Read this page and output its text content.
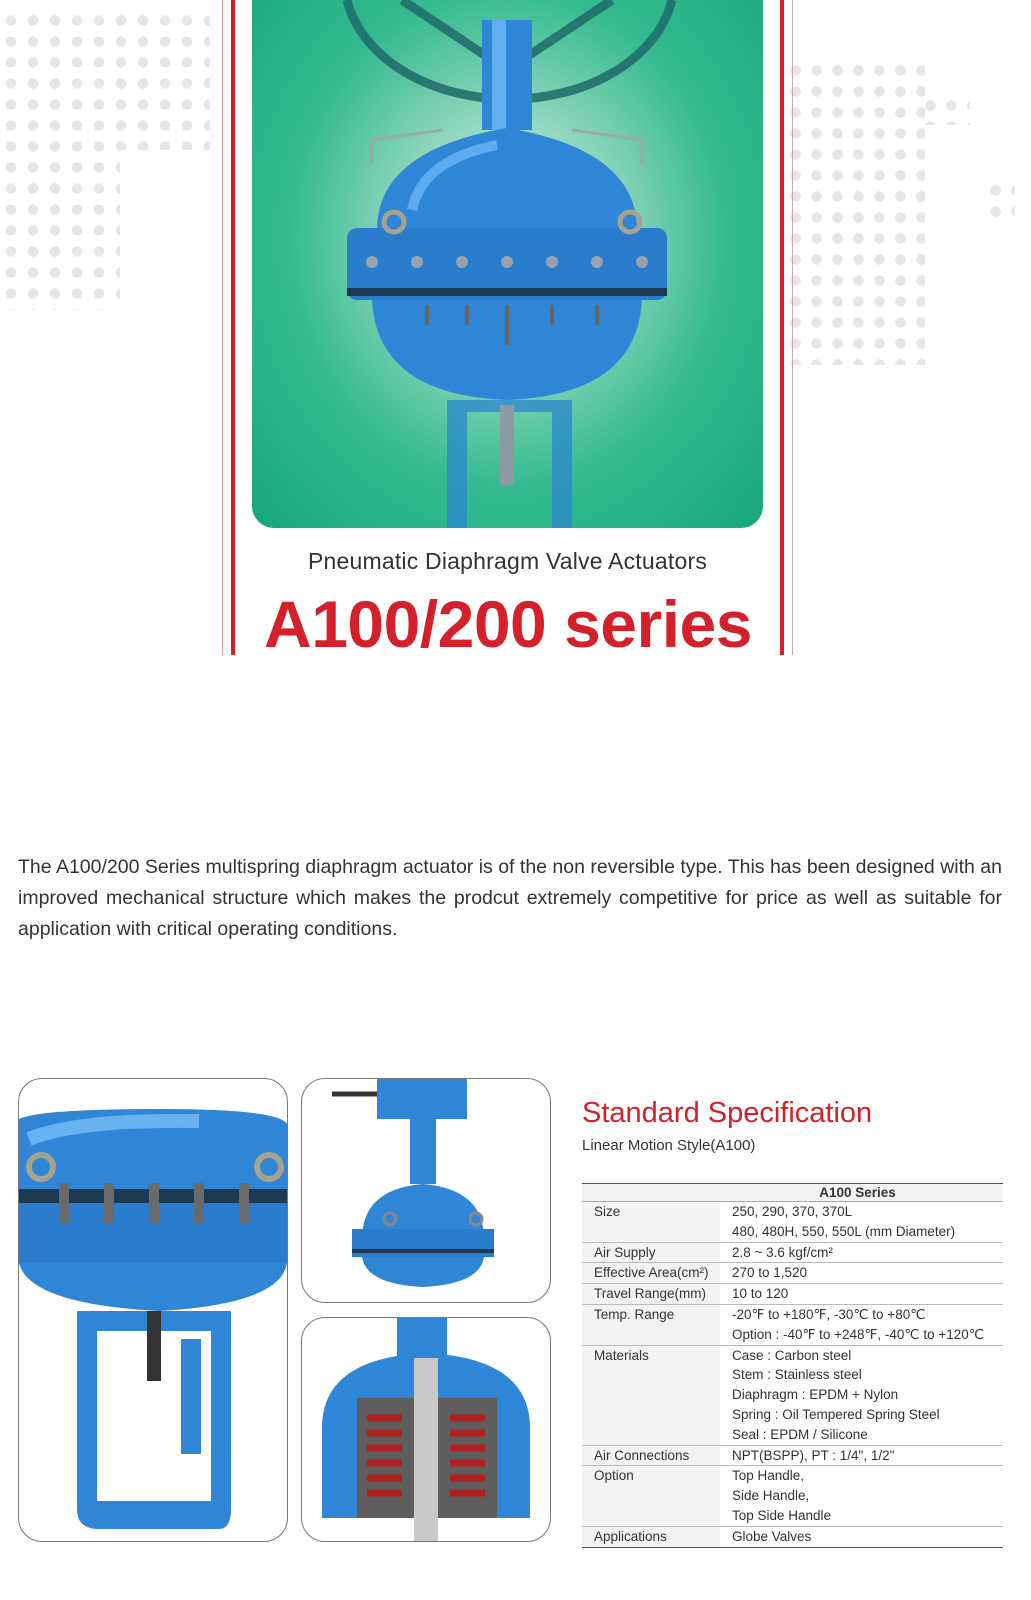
Pneumatic Diaphragm Valve Actuators
A100/200 series
The A100/200 Series multispring diaphragm actuator is of the non reversible type. This has been designed with an improved mechanical structure which makes the prodcut extremely competitive for price as well as suitable for application with critical operating conditions.
Standard Specification
Linear Motion Style(A100)
A100 Series	
Size	250, 290, 370, 370L
480, 480H, 550, 550L (mm Diameter)

Air Supply	2.8 ~ 3.6 kgf/cm²

Effective Area(cm²)	270 to 1,520

Travel Range(mm)	10 to 120

Temp. Range	-20℉ to +180℉, -30℃ to +80℃
Option : -40℉ to +248℉, -40℃ to +120℃

Materials	Case : Carbon steel
Stem : Stainless steel
Diaphragm : EPDM + Nylon
Spring : Oil Tempered Spring Steel
Seal : EPDM / Silicone

Air Connections	NPT(BSPP), PT : 1/4", 1/2"

Option	Top Handle,
Side Handle,
Top Side Handle

Applications	Globe Valves
